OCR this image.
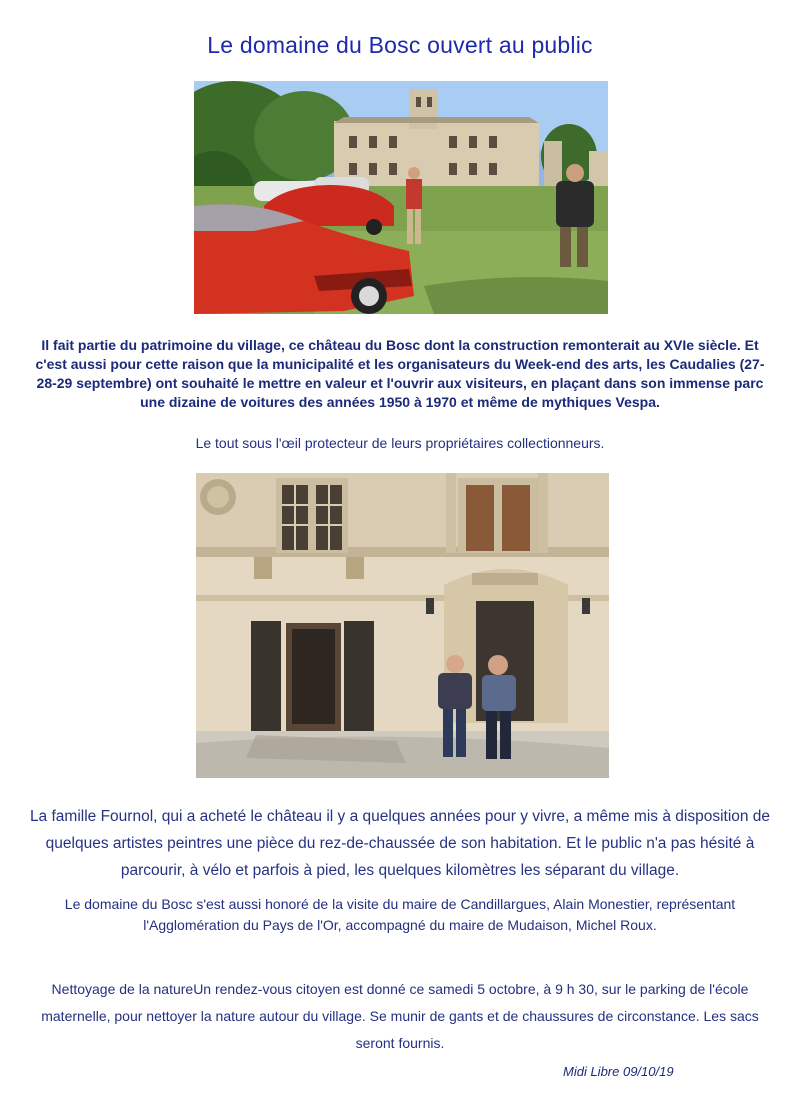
Le domaine du Bosc ouvert au public
Il fait partie du patrimoine du village, ce château du Bosc dont la construction remonterait au XVIe siècle. Et c'est aussi pour cette raison que la municipalité et les organisateurs du Week-end des arts, les Caudalies (27-28-29 septembre) ont souhaité le mettre en valeur et l'ouvrir aux visiteurs, en plaçant dans son immense parc une dizaine de voitures des années 1950 à 1970 et même de mythiques Vespa.
Le tout sous l'œil protecteur de leurs propriétaires collectionneurs.
La famille Fournol, qui a acheté le château il y a quelques années pour y vivre, a même mis à disposition de quelques artistes peintres une pièce du rez-de-chaussée de son habitation. Et le public n'a pas hésité à parcourir, à vélo et parfois à pied, les quelques kilomètres les séparant du village.
Le domaine du Bosc s'est aussi honoré de la visite du maire de Candillargues, Alain Monestier, représentant l'Agglomération du Pays de l'Or, accompagné du maire de Mudaison, Michel Roux.
Nettoyage de la natureUn rendez-vous citoyen est donné ce samedi 5 octobre, à 9 h 30, sur le parking de l'école maternelle, pour nettoyer la nature autour du village. Se munir de gants et de chaussures de circonstance. Les sacs seront fournis.
Midi Libre 09/10/19
